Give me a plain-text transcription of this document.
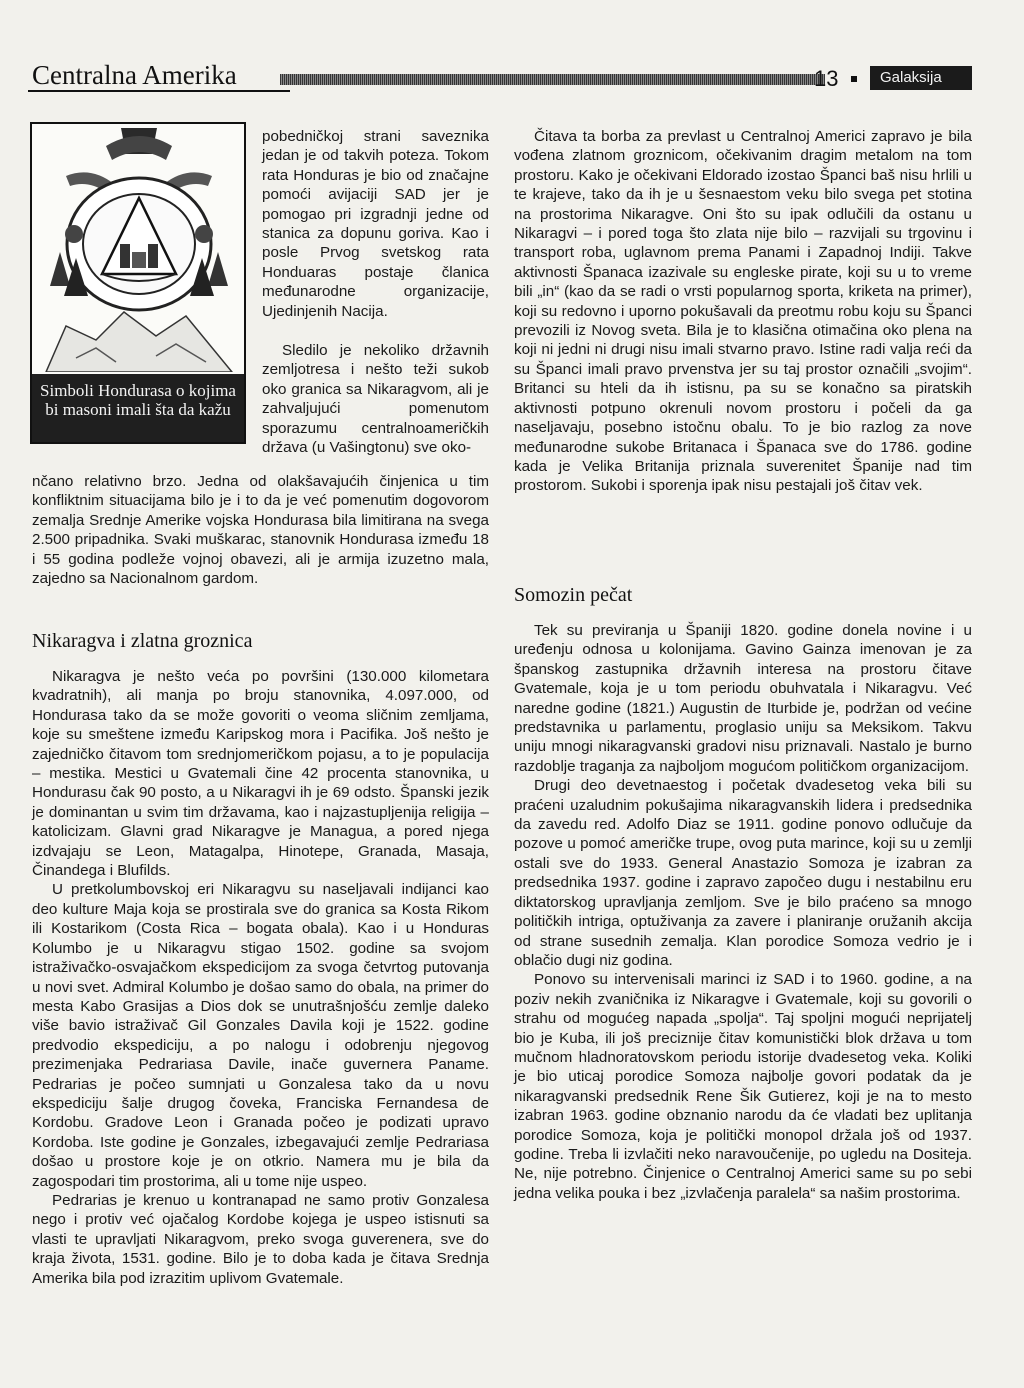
Centralna Amerika	13	Galaksija
Simboli Hondurasa o kojima bi masoni imali šta da kažu

pobedničkoj strani saveznika jedan je od takvih poteza. Tokom rata Honduras je bio od značajne pomoći avijaciji SAD jer je pomogao pri izgradnji jedne od stanica za dopunu goriva. Kao i posle Prvog svetskog rata Honduaras postaje članica međunarodne organizacije, Ujedinjenih Nacija.

Sledilo je nekoliko državnih zemljotresa i nešto teži sukob oko granica sa Nikaragvom, ali je zahvaljujući pomenutom sporazumu centralnoameričkih država (u Vašingtonu) sve oko-

nčano relativno brzo. Jedna od olakšavajućih činjenica u tim konfliktnim situacijama bilo je i to da je već pomenutim dogovorom zemalja Srednje Amerike vojska Hondurasa bila limitirana na svega 2.500 pripadnika. Svaki muškarac, stanovnik Hondurasa između 18 i 55 godina podleže vojnoj obavezi, ali je armija izuzetno mala, zajedno sa Nacionalnom gardom.

Nikaragva i zlatna groznica

Nikaragva je nešto veća po površini (130.000 kilometara kvadratnih), ali manja po broju stanovnika, 4.097.000, od Hondurasa tako da se može govoriti o veoma sličnim zemljama, koje su smeštene između Karipskog mora i Pacifika. Još nešto je zajedničko čitavom tom srednjomeričkom pojasu, a to je populacija – mestika. Mestici u Gvatemali čine 42 procenta stanovnika, u Hondurasu čak 90 posto, a u Nikaragvi ih je 69 odsto. Španski jezik je dominantan u svim tim državama, kao i najzastupljenija religija – katolicizam. Glavni grad Nikaragve je Managua, a pored njega izdvajaju se Leon, Matagalpa, Hinotepe, Granada, Masaja, Činandega i Blufilds.

U pretkolumbovskoj eri Nikaragvu su naseljavali indijanci kao deo kulture Maja koja se prostirala sve do granica sa Kosta Rikom ili Kostarikom (Costa Rica – bogata obala). Kao i u Honduras Kolumbo je u Nikaragvu stigao 1502. godine sa svojom istraživačko-osvajačkom ekspedicijom za svoga četvrtog putovanja u novi svet. Admiral Kolumbo je došao samo do obala, na primer do mesta Kabo Grasijas a Dios dok se unutrašnjošću zemlje daleko više bavio istraživač Gil Gonzales Davila koji je 1522. godine predvodio ekspediciju, a po nalogu i odobrenju njegovog prezimenjaka Pedrariasa Davile, inače guvernera Paname. Pedrarias je počeo sumnjati u Gonzalesa tako da u novu ekspediciju šalje drugog čoveka, Franciska Fernandesa de Kordobu. Gradove Leon i Granada počeo je podizati upravo Kordoba. Iste godine je Gonzales, izbegavajući zemlje Pedrariasa došao u prostore koje je on otkrio. Namera mu je bila da zagospodari tim prostorima, ali u tome nije uspeo.

Pedrarias je krenuo u kontranapad ne samo protiv Gonzalesa nego i protiv već ojačalog Kordobe kojega je uspeo istisnuti sa vlasti te upravljati Nikaragvom, preko svoga guverenera, sve do kraja života, 1531. godine. Bilo je to doba kada je čitava Srednja Amerika bila pod izrazitim uplivom Gvatemale.

Čitava ta borba za prevlast u Centralnoj Americi zapravo je bila vođena zlatnom groznicom, očekivanim dragim metalom na tom prostoru. Kako je očekivani Eldorado izostao Španci baš nisu hrlili u te krajeve, tako da ih je u šesnaestom veku bilo svega pet stotina na prostorima Nikaragve. Oni što su ipak odlučili da ostanu u Nikaragvi – i pored toga što zlata nije bilo – razvijali su trgovinu i transport roba, uglavnom prema Panami i Zapadnoj Indiji. Takve aktivnosti Španaca izazivale su engleske pirate, koji su u to vreme bili „in“ (kao da se radi o vrsti popularnog sporta, kriketa na primer), koji su redovno i uporno pokušavali da preotmu robu koju su Španci prevozili iz Novog sveta. Bila je to klasična otimačina oko plena na koji ni jedni ni drugi nisu imali stvarno pravo. Istine radi valja reći da su Španci imali pravo prvenstva jer su taj prostor označili „svojim“. Britanci su hteli da ih istisnu, pa su se konačno sa piratskih aktivnosti potpuno okrenuli novom prostoru i počeli da ga naseljavaju, posebno istočnu obalu. To je bio razlog za nove međunarodne sukobe Britanaca i Španaca sve do 1786. godine kada je Velika Britanija priznala suverenitet Španije nad tim prostorom. Sukobi i sporenja ipak nisu pestajali još čitav vek.

Somozin pečat

Tek su previranja u Španiji 1820. godine donela novine i u uređenju odnosa u kolonijama. Gavino Gainza imenovan je za španskog zastupnika državnih interesa na prostoru čitave Gvatemale, koja je u tom periodu obuhvatala i Nikaragvu. Već naredne godine (1821.) Augustin de Iturbide je, podržan od većine predstavnika u parlamentu, proglasio uniju sa Meksikom. Takvu uniju mnogi nikaragvanski gradovi nisu priznavali. Nastalo je burno razdoblje traganja za najboljom mogućom političkom organizacijom.

Drugi deo devetnaestog i početak dvadesetog veka bili su praćeni uzaludnim pokušajima nikaragvanskih lidera i predsednika da zavedu red. Adolfo Diaz se 1911. godine ponovo odlučuje da pozove u pomoć američke trupe, ovog puta marince, koji su u zemlji ostali sve do 1933. General Anastazio Somoza je izabran za predsednika 1937. godine i zapravo započeo dugu i nestabilnu eru diktatorskog upravljanja zemljom. Sve je bilo praćeno sa mnogo političkih intriga, optuživanja za zavere i planiranje oružanih akcija od strane susednih zemalja. Klan porodice Somoza vedrio je i oblačio dugi niz godina.

Ponovo su intervenisali marinci iz SAD i to 1960. godine, a na poziv nekih zvaničnika iz Nikaragve i Gvatemale, koji su govorili o strahu od mogućeg napada „spolja“. Taj spoljni mogući neprijatelj bio je Kuba, ili još preciznije čitav komunistički blok država u tom mučnom hladnoratovskom periodu istorije dvadesetog veka. Koliki je bio uticaj porodice Somoza najbolje govori podatak da je nikaragvanski predsednik Rene Šik Gutierez, koji je na to mesto izabran 1963. godine obznanio narodu da će vladati bez uplitanja porodice Somoza, koja je politički monopol držala još od 1937. godine. Treba li izvlačiti neko naravoučenije, po ugledu na Dositeja. Ne, nije potrebno. Činjenice o Centralnoj Americi same su po sebi jedna velika pouka i bez „izvlačenja paralela“ sa našim prostorima.
